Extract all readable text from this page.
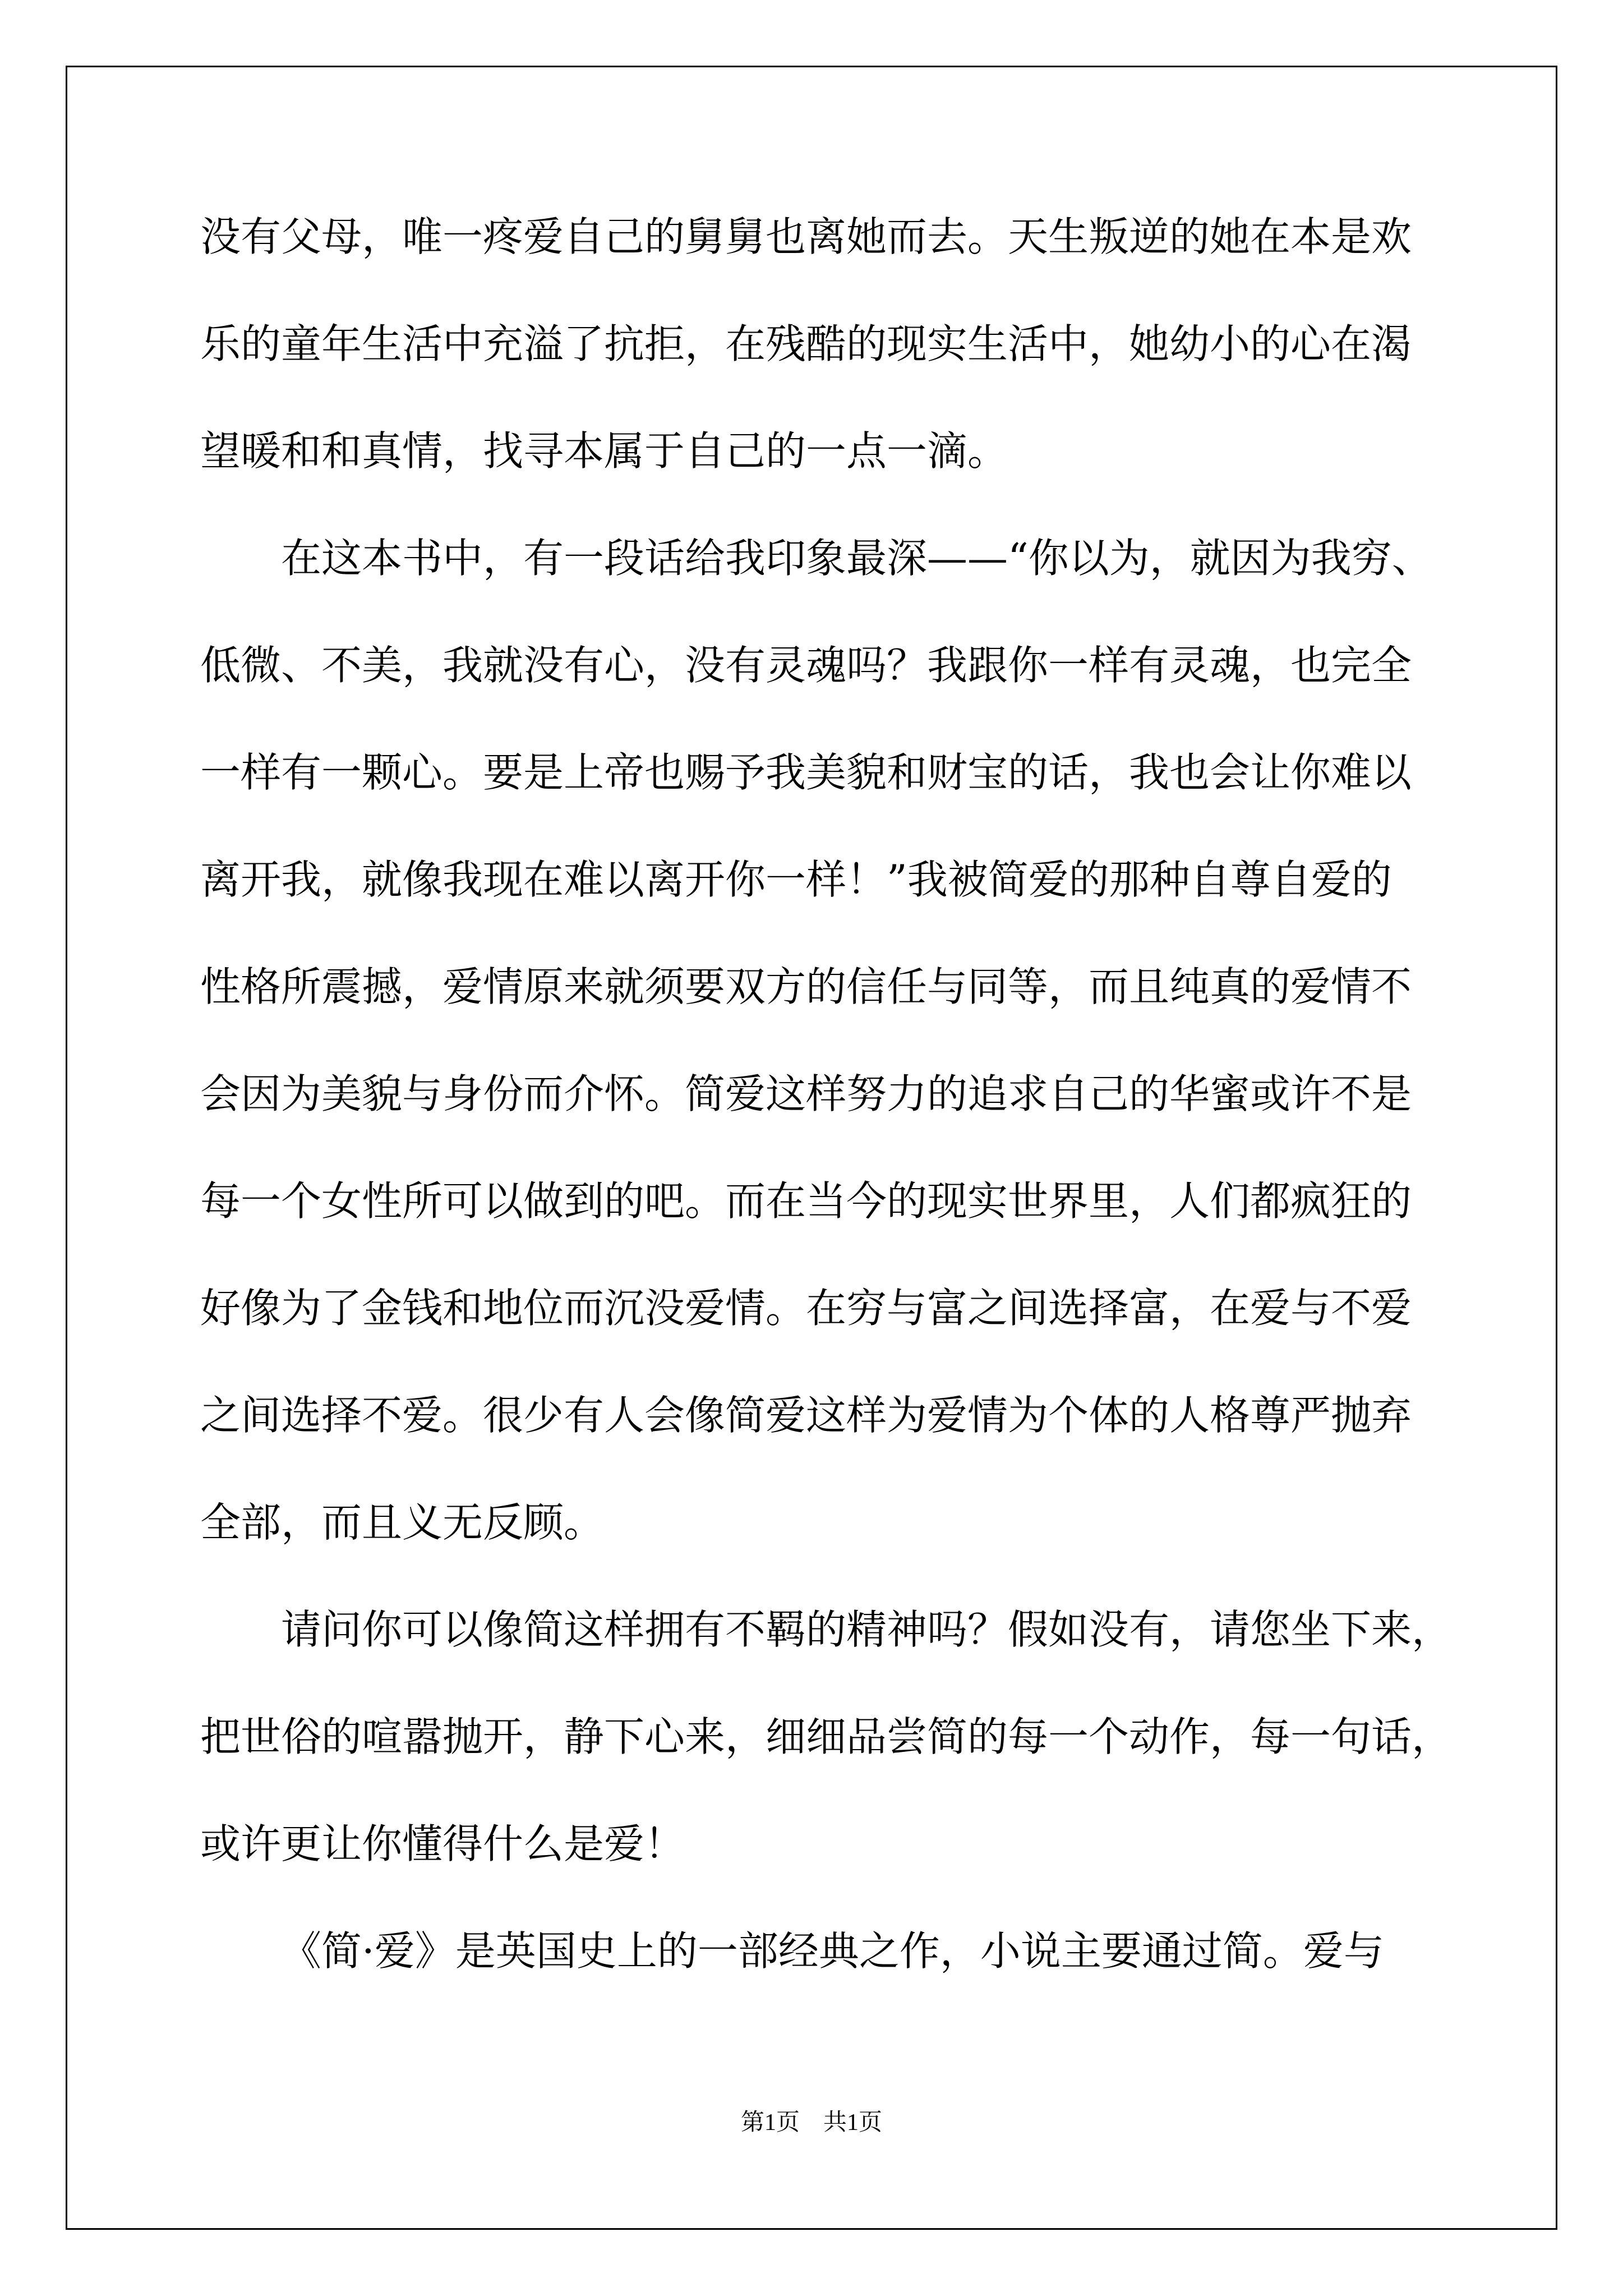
没有父母，唯一疼爱自己的舅舅也离她而去。天生叛逆的她在本是欢
乐的童年生活中充溢了抗拒，在残酷的现实生活中，她幼小的心在渴
望暖和和真情，找寻本属于自己的一点一滴。
在这本书中，有一段话给我印象最深——“你以为，就因为我穷、
低微、不美，我就没有心，没有灵魂吗？我跟你一样有灵魂，也完全
一样有一颗心。要是上帝也赐予我美貌和财宝的话，我也会让你难以
离开我，就像我现在难以离开你一样！”我被简爱的那种自尊自爱的
性格所震撼，爱情原来就须要双方的信任与同等，而且纯真的爱情不
会因为美貌与身份而介怀。简爱这样努力的追求自己的华蜜或许不是
每一个女性所可以做到的吧。而在当今的现实世界里，人们都疯狂的
好像为了金钱和地位而沉没爱情。在穷与富之间选择富，在爱与不爱
之间选择不爱。很少有人会像简爱这样为爱情为个体的人格尊严抛弃
全部，而且义无反顾。
请问你可以像简这样拥有不羁的精神吗？假如没有，请您坐下来，
把世俗的喧嚣抛开，静下心来，细细品尝简的每一个动作，每一句话，
或许更让你懂得什么是爱！
《简·爱》是英国史上的一部经典之作，小说主要通过简。爱与
第1页　共1页
